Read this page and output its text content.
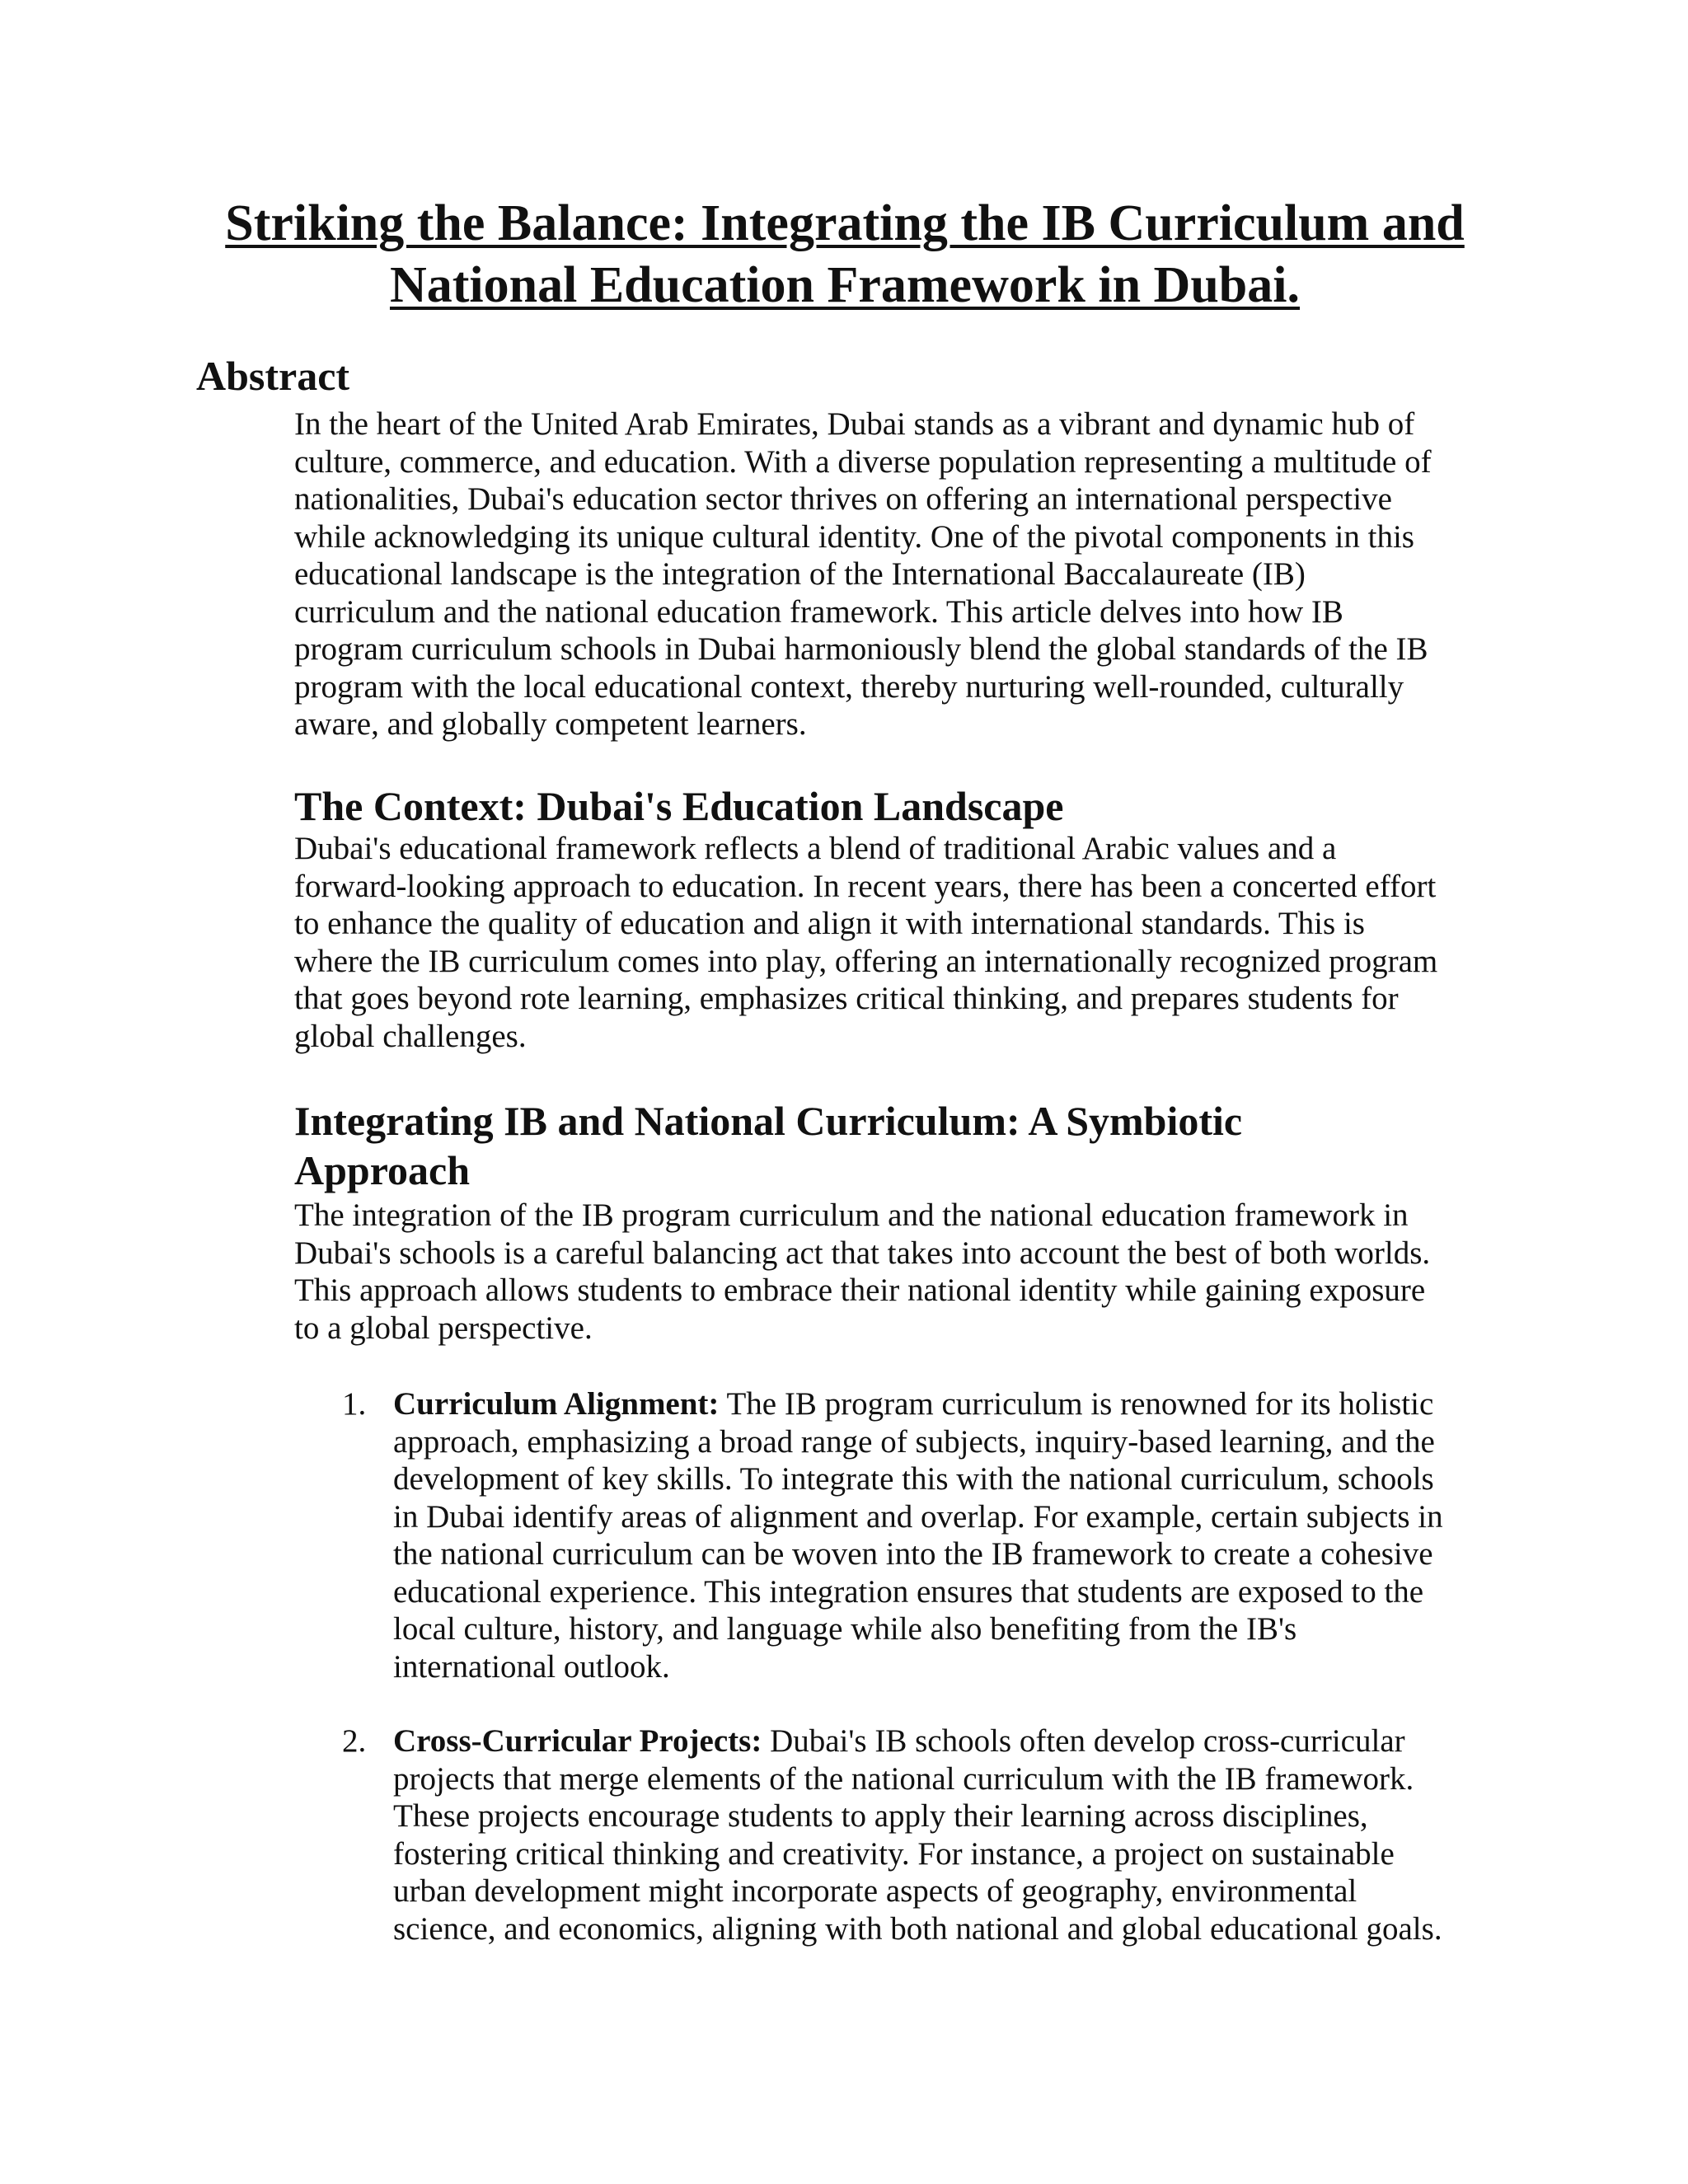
Striking the Balance: Integrating the IB Curriculum and
National Education Framework in Dubai.
Abstract

In the heart of the United Arab Emirates, Dubai stands as a vibrant and dynamic hub of
culture, commerce, and education. With a diverse population representing a multitude of
nationalities, Dubai's education sector thrives on offering an international perspective
while acknowledging its unique cultural identity. One of the pivotal components in this
educational landscape is the integration of the International Baccalaureate (IB)
curriculum and the national education framework. This article delves into how IB
program curriculum schools in Dubai harmoniously blend the global standards of the IB
program with the local educational context, thereby nurturing well-rounded, culturally
aware, and globally competent learners.

The Context: Dubai's Education Landscape

Dubai's educational framework reflects a blend of traditional Arabic values and a
forward-looking approach to education. In recent years, there has been a concerted effort
to enhance the quality of education and align it with international standards. This is
where the IB curriculum comes into play, offering an internationally recognized program
that goes beyond rote learning, emphasizes critical thinking, and prepares students for
global challenges.

Integrating IB and National Curriculum: A Symbiotic
Approach

The integration of the IB program curriculum and the national education framework in
Dubai's schools is a careful balancing act that takes into account the best of both worlds.
This approach allows students to embrace their national identity while gaining exposure
to a global perspective.

1. Curriculum Alignment: The IB program curriculum is renowned for its holistic
approach, emphasizing a broad range of subjects, inquiry-based learning, and the
development of key skills. To integrate this with the national curriculum, schools
in Dubai identify areas of alignment and overlap. For example, certain subjects in
the national curriculum can be woven into the IB framework to create a cohesive
educational experience. This integration ensures that students are exposed to the
local culture, history, and language while also benefiting from the IB's
international outlook.
2. Cross-Curricular Projects: Dubai's IB schools often develop cross-curricular
projects that merge elements of the national curriculum with the IB framework.
These projects encourage students to apply their learning across disciplines,
fostering critical thinking and creativity. For instance, a project on sustainable
urban development might incorporate aspects of geography, environmental
science, and economics, aligning with both national and global educational goals.
